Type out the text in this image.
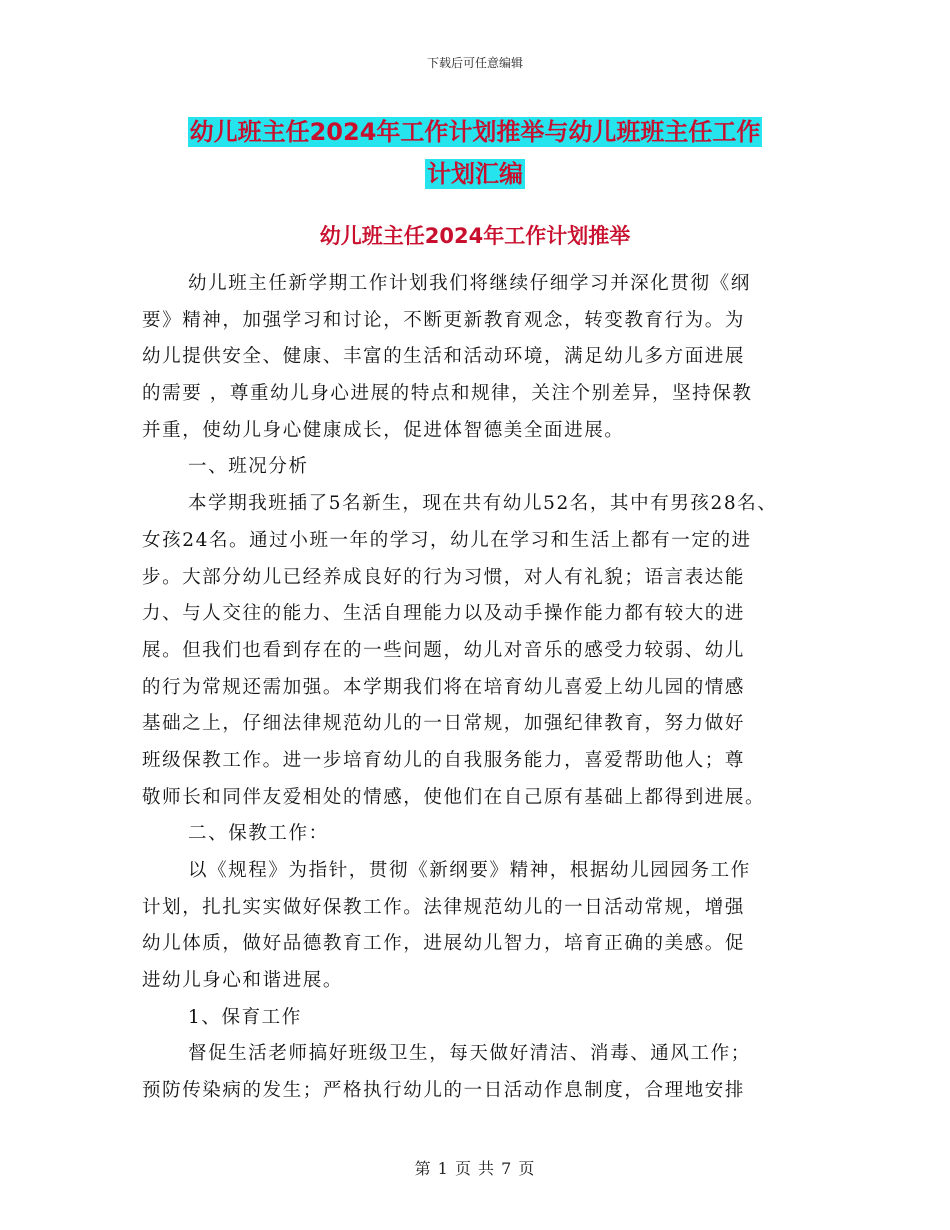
下载后可任意编辑
幼儿班主任2024年工作计划推举与幼儿班班主任工作
计划汇编
幼儿班主任2024年工作计划推举
幼儿班主任新学期工作计划我们将继续仔细学习并深化贯彻《纲
要》精神，加强学习和讨论，不断更新教育观念，转变教育行为。为
幼儿提供安全、健康、丰富的生活和活动环境，满足幼儿多方面进展
的需要 ，尊重幼儿身心进展的特点和规律，关注个别差异，坚持保教
并重，使幼儿身心健康成长，促进体智德美全面进展。
一、班况分析
本学期我班插了5名新生，现在共有幼儿52名，其中有男孩28名、
女孩24名。通过小班一年的学习，幼儿在学习和生活上都有一定的进
步。大部分幼儿已经养成良好的行为习惯，对人有礼貌；语言表达能
力、与人交往的能力、生活自理能力以及动手操作能力都有较大的进
展。但我们也看到存在的一些问题，幼儿对音乐的感受力较弱、幼儿
的行为常规还需加强。本学期我们将在培育幼儿喜爱上幼儿园的情感
基础之上，仔细法律规范幼儿的一日常规，加强纪律教育，努力做好
班级保教工作。进一步培育幼儿的自我服务能力，喜爱帮助他人；尊
敬师长和同伴友爱相处的情感，使他们在自己原有基础上都得到进展。
二、保教工作：
以《规程》为指针，贯彻《新纲要》精神，根据幼儿园园务工作
计划，扎扎实实做好保教工作。法律规范幼儿的一日活动常规，增强
幼儿体质，做好品德教育工作，进展幼儿智力，培育正确的美感。促
进幼儿身心和谐进展。
1、保育工作
督促生活老师搞好班级卫生，每天做好清洁、消毒、通风工作；
预防传染病的发生；严格执行幼儿的一日活动作息制度，合理地安排
第 1 页 共 7 页
